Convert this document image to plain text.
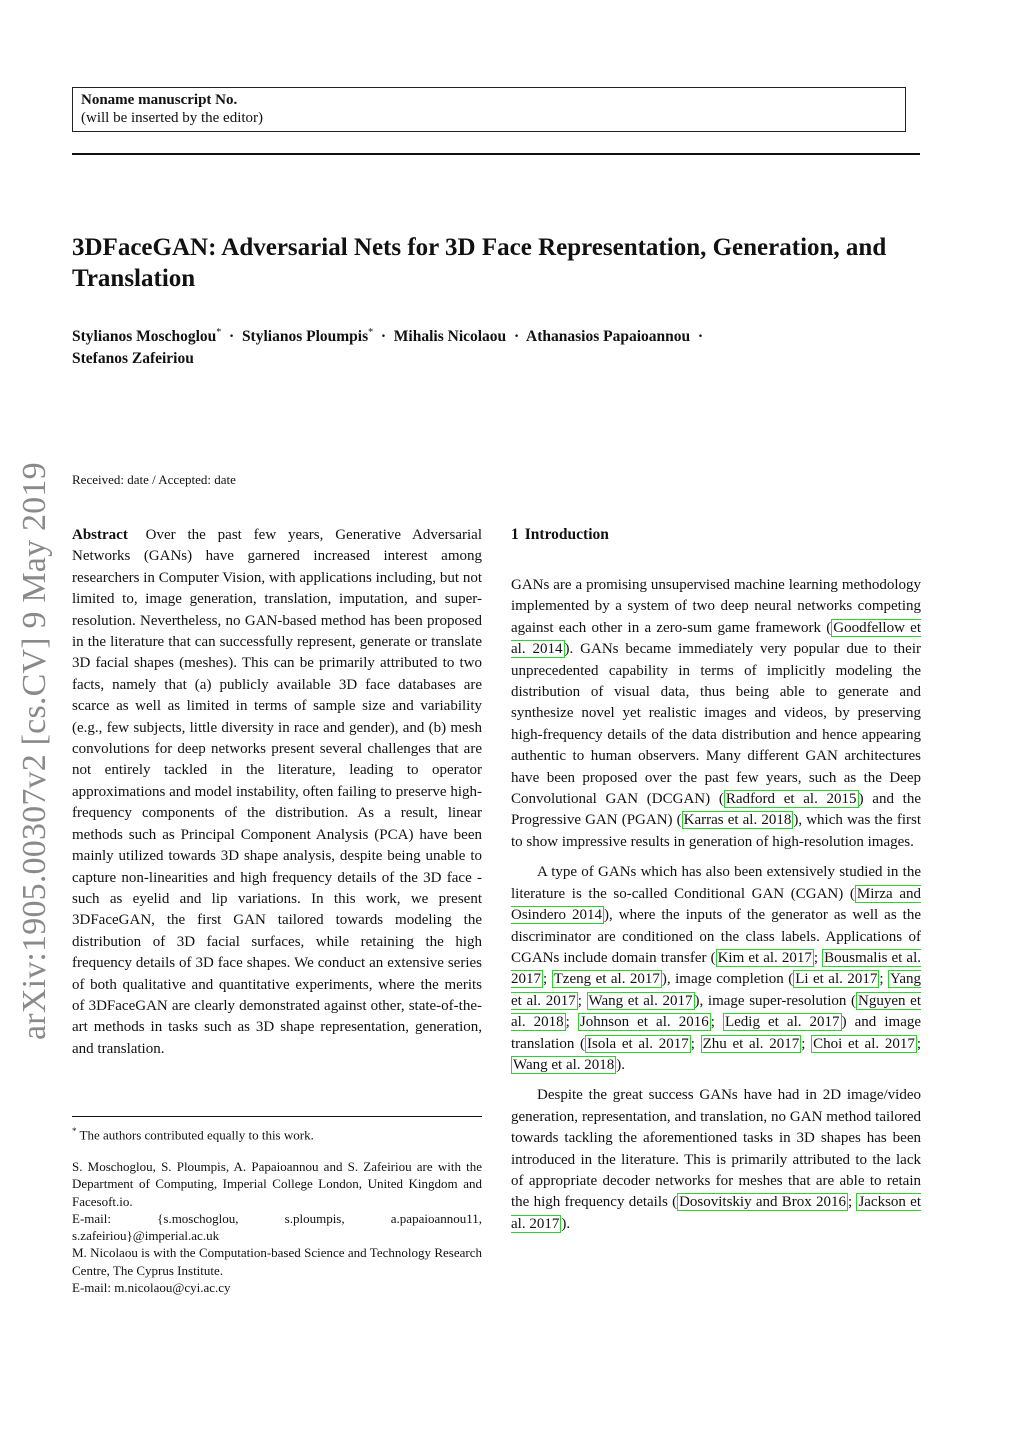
Noname manuscript No.
(will be inserted by the editor)
3DFaceGAN: Adversarial Nets for 3D Face Representation, Generation, and Translation
Stylianos Moschoglou*  ·  Stylianos Ploumpis*  ·  Mihalis Nicolaou  ·  Athanasios Papaioannou  ·  Stefanos Zafeiriou
arXiv:1905.00307v2 [cs.CV] 9 May 2019 Received: date / Accepted: date
Abstract Over the past few years, Generative Adversarial Networks (GANs) have garnered increased interest among researchers in Computer Vision, with applications including, but not limited to, image generation, translation, imputation, and super-resolution. Nevertheless, no GAN-based method has been proposed in the literature that can successfully represent, generate or translate 3D facial shapes (meshes). This can be primarily attributed to two facts, namely that (a) publicly available 3D face databases are scarce as well as limited in terms of sample size and variability (e.g., few subjects, little diversity in race and gender), and (b) mesh convolutions for deep networks present several challenges that are not entirely tackled in the literature, leading to operator approximations and model instability, often failing to preserve high-frequency components of the distribution. As a result, linear methods such as Principal Component Analysis (PCA) have been mainly utilized towards 3D shape analysis, despite being unable to capture non-linearities and high frequency details of the 3D face - such as eyelid and lip variations. In this work, we present 3DFaceGAN, the first GAN tailored towards modeling the distribution of 3D facial surfaces, while retaining the high frequency details of 3D face shapes. We conduct an extensive series of both qualitative and quantitative experiments, where the merits of 3DFaceGAN are clearly demonstrated against other, state-of-the-art methods in tasks such as 3D shape representation, generation, and translation.
* The authors contributed equally to this work.

S. Moschoglou, S. Ploumpis, A. Papaioannou and S. Zafeiriou are with the Department of Computing, Imperial College London, United Kingdom and Facesoft.io.

E-mail: {s.moschoglou, s.ploumpis, a.papaioannou11, s.zafeiriou}@imperial.ac.uk

M. Nicolaou is with the Computation-based Science and Technology Research Centre, The Cyprus Institute.

E-mail: m.nicolaou@cyi.ac.cy

1 Introduction

GANs are a promising unsupervised machine learning methodology implemented by a system of two deep neural networks competing against each other in a zero-sum game framework ( Goodfellow et al. 2014 ). GANs became immediately very popular due to their unprecedented capability in terms of implicitly modeling the distribution of visual data, thus being able to generate and synthesize novel yet realistic images and videos, by preserving high-frequency details of the data distribution and hence appearing authentic to human observers. Many different GAN architectures have been proposed over the past few years, such as the Deep Convolutional GAN (DCGAN) ( Radford et al. 2015 ) and the Progressive GAN (PGAN) ( Karras et al. 2018 ), which was the first to show impressive results in generation of high-resolution images.

A type of GANs which has also been extensively studied in the literature is the so-called Conditional GAN (CGAN) ( Mirza and Osindero 2014 ), where the inputs of the generator as well as the discriminator are conditioned on the class labels. Applications of CGANs include domain transfer ( Kim et al. 2017 ; Bousmalis et al. 2017 ; Tzeng et al. 2017 ), image completion ( Li et al. 2017 ; Yang et al. 2017 ; Wang et al. 2017 ), image super-resolution ( Nguyen et al. 2018 ; Johnson et al. 2016 ; Ledig et al. 2017 ) and image translation ( Isola et al. 2017 ; Zhu et al. 2017 ; Choi et al. 2017 ; Wang et al. 2018 ).

Despite the great success GANs have had in 2D image/video generation, representation, and translation, no GAN method tailored towards tackling the aforementioned tasks in 3D shapes has been introduced in the literature. This is primarily attributed to the lack of appropriate decoder networks for meshes that are able to retain the high frequency details ( Dosovitskiy and Brox 2016 ; Jackson et al. 2017 ).
